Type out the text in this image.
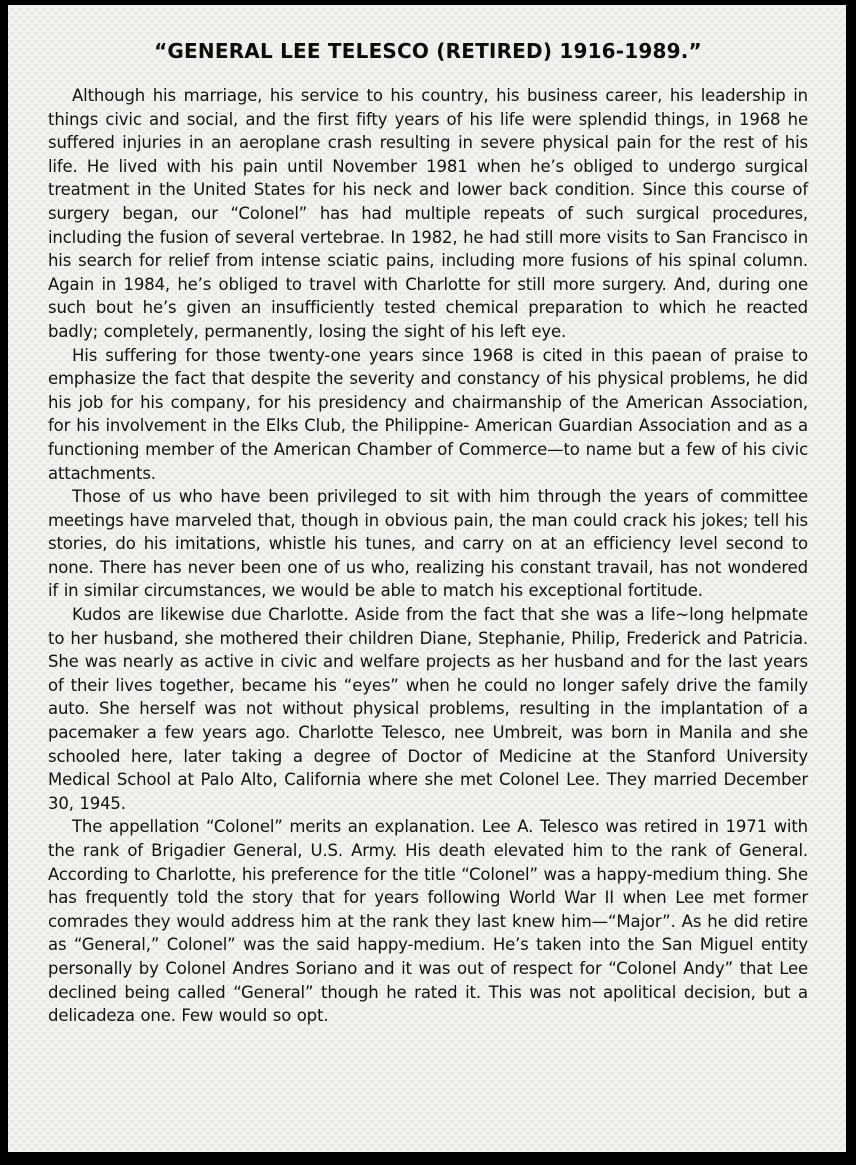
“GENERAL LEE TELESCO (RETIRED) 1916-1989.”

Although his marriage, his service to his country, his business career, his leadership in things civic and social, and the first fifty years of his life were splendid things, in 1968 he suffered injuries in an aeroplane crash resulting in severe physical pain for the rest of his life. He lived with his pain until November 1981 when he’s obliged to undergo surgical treatment in the United States for his neck and lower back condition. Since this course of surgery began, our “Colonel” has had multiple repeats of such surgical procedures, including the fusion of several vertebrae. In 1982, he had still more visits to San Francisco in his search for relief from intense sciatic pains, including more fusions of his spinal column. Again in 1984, he’s obliged to travel with Charlotte for still more surgery. And, during one such bout he’s given an insufficiently tested chemical preparation to which he reacted badly; completely, permanently, losing the sight of his left eye.

His suffering for those twenty-one years since 1968 is cited in this paean of praise to emphasize the fact that despite the severity and constancy of his physical problems, he did his job for his company, for his presidency and chairmanship of the American Association, for his involvement in the Elks Club, the Philippine- American Guardian Association and as a functioning member of the American Chamber of Commerce—to name but a few of his civic attachments.

Those of us who have been privileged to sit with him through the years of committee meetings have marveled that, though in obvious pain, the man could crack his jokes; tell his stories, do his imitations, whistle his tunes, and carry on at an efficiency level second to none. There has never been one of us who, realizing his constant travail, has not wondered if in similar circumstances, we would be able to match his exceptional fortitude.

Kudos are likewise due Charlotte. Aside from the fact that she was a life~long helpmate to her husband, she mothered their children Diane, Stephanie, Philip, Frederick and Patricia. She was nearly as active in civic and welfare projects as her husband and for the last years of their lives together, became his “eyes” when he could no longer safely drive the family auto. She herself was not without physical problems, resulting in the implantation of a pacemaker a few years ago. Charlotte Telesco, nee Umbreit, was born in Manila and she schooled here, later taking a degree of Doctor of Medicine at the Stanford University Medical School at Palo Alto, California where she met Colonel Lee. They married December 30, 1945.

The appellation “Colonel” merits an explanation. Lee A. Telesco was retired in 1971 with the rank of Brigadier General, U.S. Army. His death elevated him to the rank of General. According to Charlotte, his preference for the title “Colonel” was a happy-medium thing. She has frequently told the story that for years following World War II when Lee met former comrades they would address him at the rank they last knew him—“Major”. As he did retire as “General,” Colonel” was the said happy-medium. He’s taken into the San Miguel entity personally by Colonel Andres Soriano and it was out of respect for “Colonel Andy” that Lee declined being called “General” though he rated it. This was not apolitical decision, but a delicadeza one. Few would so opt.
